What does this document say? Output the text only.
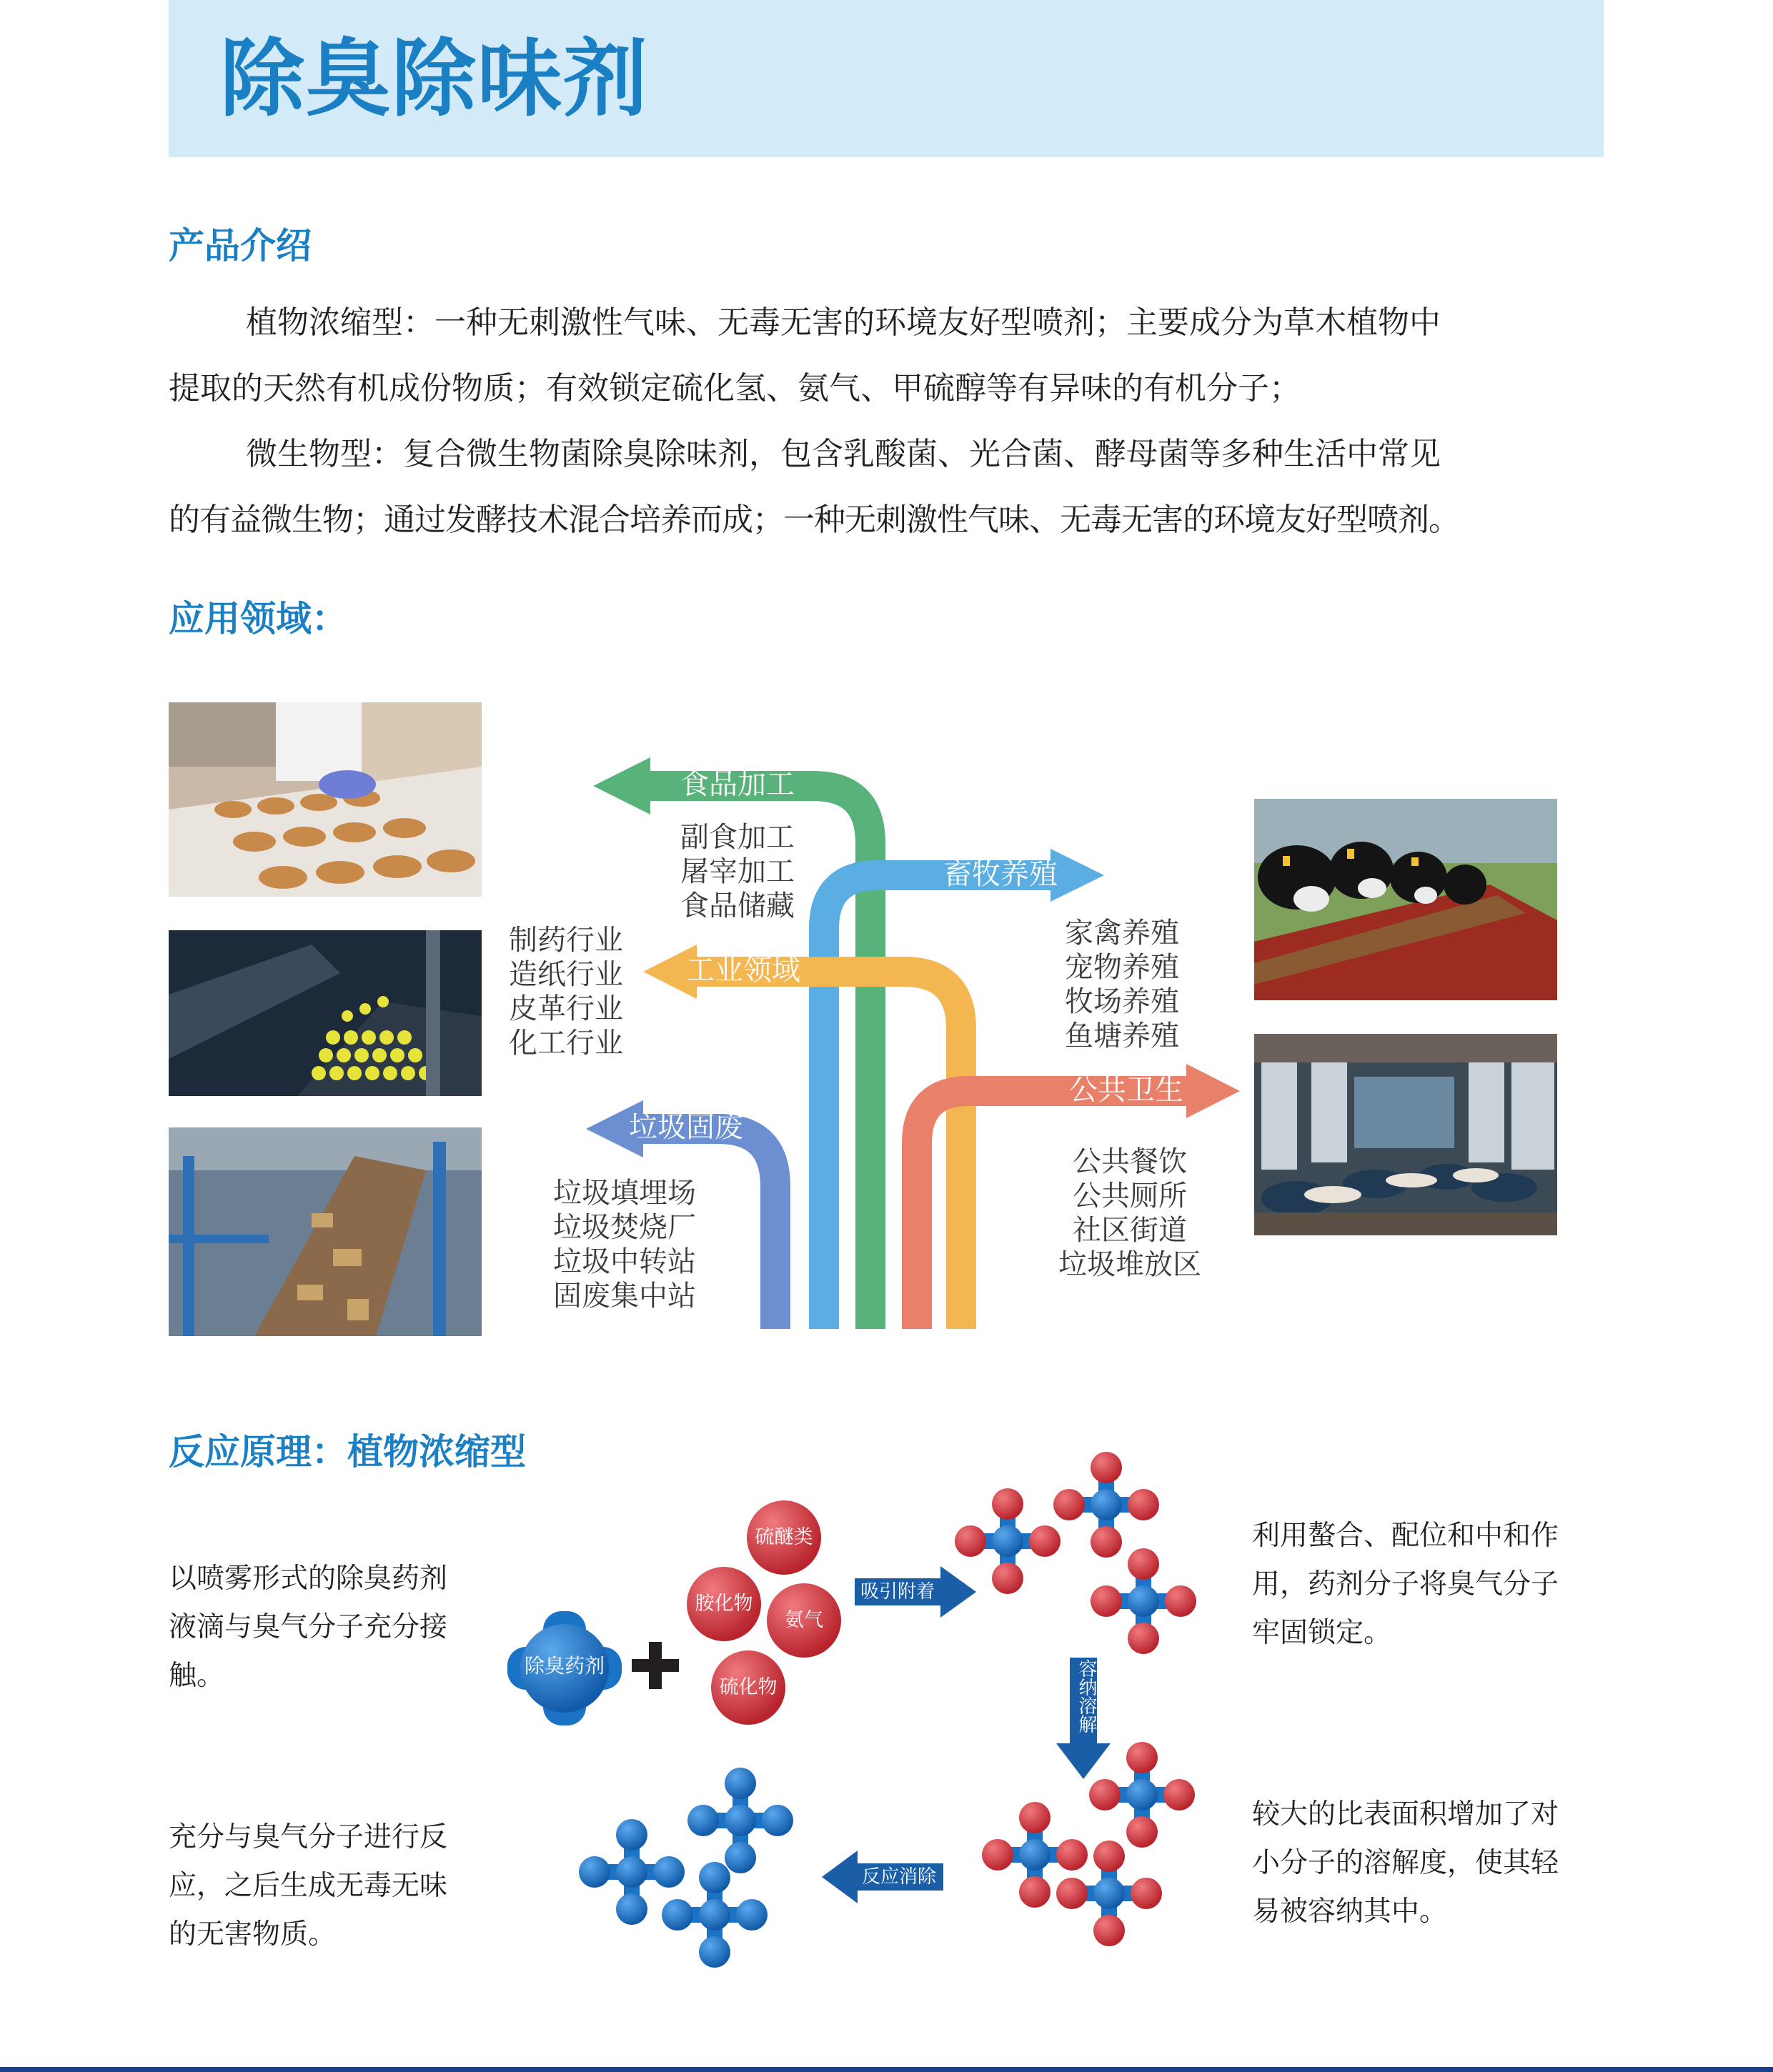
除臭除味剂
产品介绍
植物浓缩型：一种无刺激性气味、无毒无害的环境友好型喷剂；主要成分为草木植物中
提取的天然有机成份物质；有效锁定硫化氢、氨气、甲硫醇等有异味的有机分子；
微生物型：复合微生物菌除臭除味剂，包含乳酸菌、光合菌、酵母菌等多种生活中常见
的有益微生物；通过发酵技术混合培养而成；一种无刺激性气味、无毒无害的环境友好型喷剂。
应用领域：
食品加工
畜牧养殖
工业领域
公共卫生
垃圾固废
副食加工
屠宰加工
食品储藏
家禽养殖
宠物养殖
牧场养殖
鱼塘养殖
制药行业
造纸行业
皮革行业
化工行业
公共餐饮
公共厕所
社区街道
垃圾堆放区
垃圾填埋场
垃圾焚烧厂
垃圾中转站
固废集中站
反应原理：植物浓缩型
除臭药剂
硫醚类
胺化物
氨气
硫化物
吸引附着
容纳溶解
反应消除
以喷雾形式的除臭药剂液滴与臭气分子充分接触。
利用螯合、配位和中和作用，药剂分子将臭气分子牢固锁定。
较大的比表面积增加了对小分子的溶解度，使其轻易被容纳其中。
充分与臭气分子进行反应，之后生成无毒无味的无害物质。
